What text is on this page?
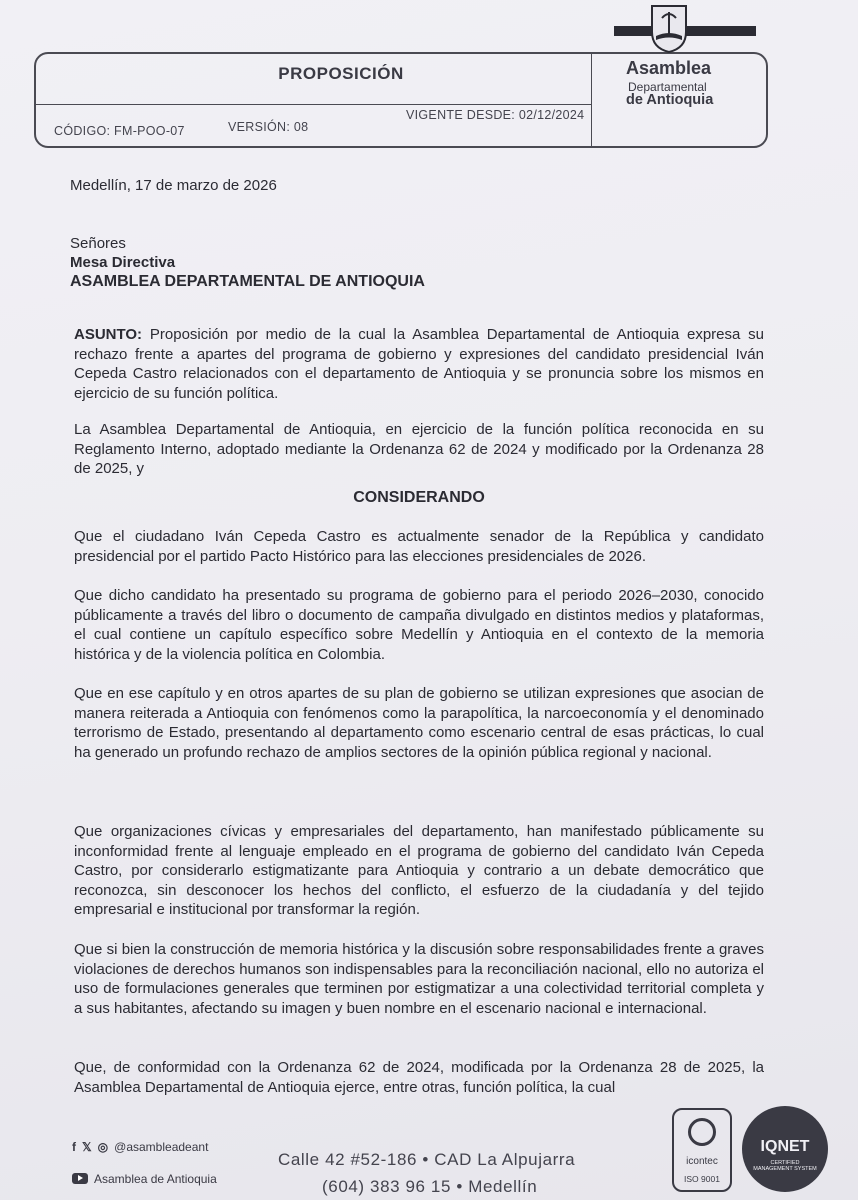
PROPOSICIÓN
CÓDIGO: FM-POO-07	VERSIÓN: 08
VIGENTE DESDE: 02/12/2024
Asamblea
Departamental
de Antioquia
Medellín, 17 de marzo de 2026
Señores
Mesa Directiva
ASAMBLEA DEPARTAMENTAL DE ANTIOQUIA
ASUNTO: Proposición por medio de la cual la Asamblea Departamental de Antioquia expresa su rechazo frente a apartes del programa de gobierno y expresiones del candidato presidencial Iván Cepeda Castro relacionados con el departamento de Antioquia y se pronuncia sobre los mismos en ejercicio de su función política.
La Asamblea Departamental de Antioquia, en ejercicio de la función política reconocida en su Reglamento Interno, adoptado mediante la Ordenanza 62 de 2024 y modificado por la Ordenanza 28 de 2025, y
CONSIDERANDO
Que el ciudadano Iván Cepeda Castro es actualmente senador de la República y candidato presidencial por el partido Pacto Histórico para las elecciones presidenciales de 2026.
Que dicho candidato ha presentado su programa de gobierno para el periodo 2026–2030, conocido públicamente a través del libro o documento de campaña divulgado en distintos medios y plataformas, el cual contiene un capítulo específico sobre Medellín y Antioquia en el contexto de la memoria histórica y de la violencia política en Colombia.
Que en ese capítulo y en otros apartes de su plan de gobierno se utilizan expresiones que asocian de manera reiterada a Antioquia con fenómenos como la parapolítica, la narcoeconomía y el denominado terrorismo de Estado, presentando al departamento como escenario central de esas prácticas, lo cual ha generado un profundo rechazo de amplios sectores de la opinión pública regional y nacional.
Que organizaciones cívicas y empresariales del departamento, han manifestado públicamente su inconformidad frente al lenguaje empleado en el programa de gobierno del candidato Iván Cepeda Castro, por considerarlo estigmatizante para Antioquia y contrario a un debate democrático que reconozca, sin desconocer los hechos del conflicto, el esfuerzo de la ciudadanía y del tejido empresarial e institucional por transformar la región.
Que si bien la construcción de memoria histórica y la discusión sobre responsabilidades frente a graves violaciones de derechos humanos son indispensables para la reconciliación nacional, ello no autoriza el uso de formulaciones generales que terminen por estigmatizar a una colectividad territorial completa y a sus habitantes, afectando su imagen y buen nombre en el escenario nacional e internacional.
Que, de conformidad con la Ordenanza 62 de 2024, modificada por la Ordenanza 28 de 2025, la Asamblea Departamental de Antioquia ejerce, entre otras, función política, la cual
f 𝕏 ◎ @asambleadeant
Asamblea de Antioquia
Calle 42 #52-186 • CAD La Alpujarra
(604) 383 96 15 • Medellín
icontec
ISO 9001
IQNET
CERTIFIED MANAGEMENT SYSTEM
